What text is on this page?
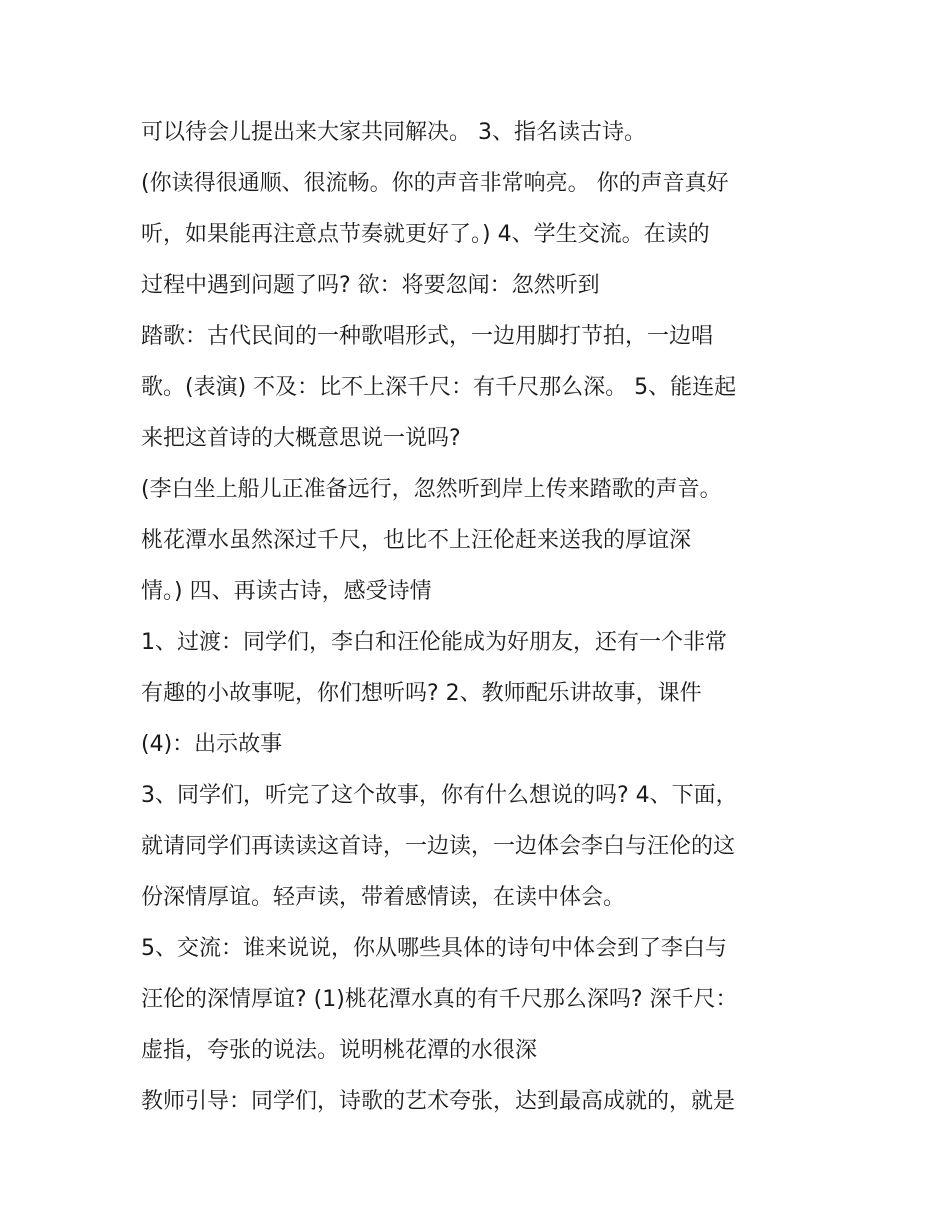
可以待会儿提出来大家共同解决。 3、指名读古诗。
(你读得很通顺、很流畅。你的声音非常响亮。 你的声音真好
听，如果能再注意点节奏就更好了。) 4、学生交流。在读的
过程中遇到问题了吗? 欲：将要忽闻：忽然听到
踏歌：古代民间的一种歌唱形式，一边用脚打节拍，一边唱
歌。(表演) 不及：比不上深千尺：有千尺那么深。 5、能连起
来把这首诗的大概意思说一说吗?
(李白坐上船儿正准备远行，忽然听到岸上传来踏歌的声音。
桃花潭水虽然深过千尺，也比不上汪伦赶来送我的厚谊深
情。) 四、再读古诗，感受诗情
1、过渡：同学们，李白和汪伦能成为好朋友，还有一个非常
有趣的小故事呢，你们想听吗? 2、教师配乐讲故事，课件
(4)：出示故事
3、同学们，听完了这个故事，你有什么想说的吗? 4、下面，
就请同学们再读读这首诗，一边读，一边体会李白与汪伦的这
份深情厚谊。轻声读，带着感情读，在读中体会。
5、交流：谁来说说，你从哪些具体的诗句中体会到了李白与
汪伦的深情厚谊? (1)桃花潭水真的有千尺那么深吗? 深千尺：
虚指，夸张的说法。说明桃花潭的水很深
教师引导：同学们，诗歌的艺术夸张，达到最高成就的，就是
